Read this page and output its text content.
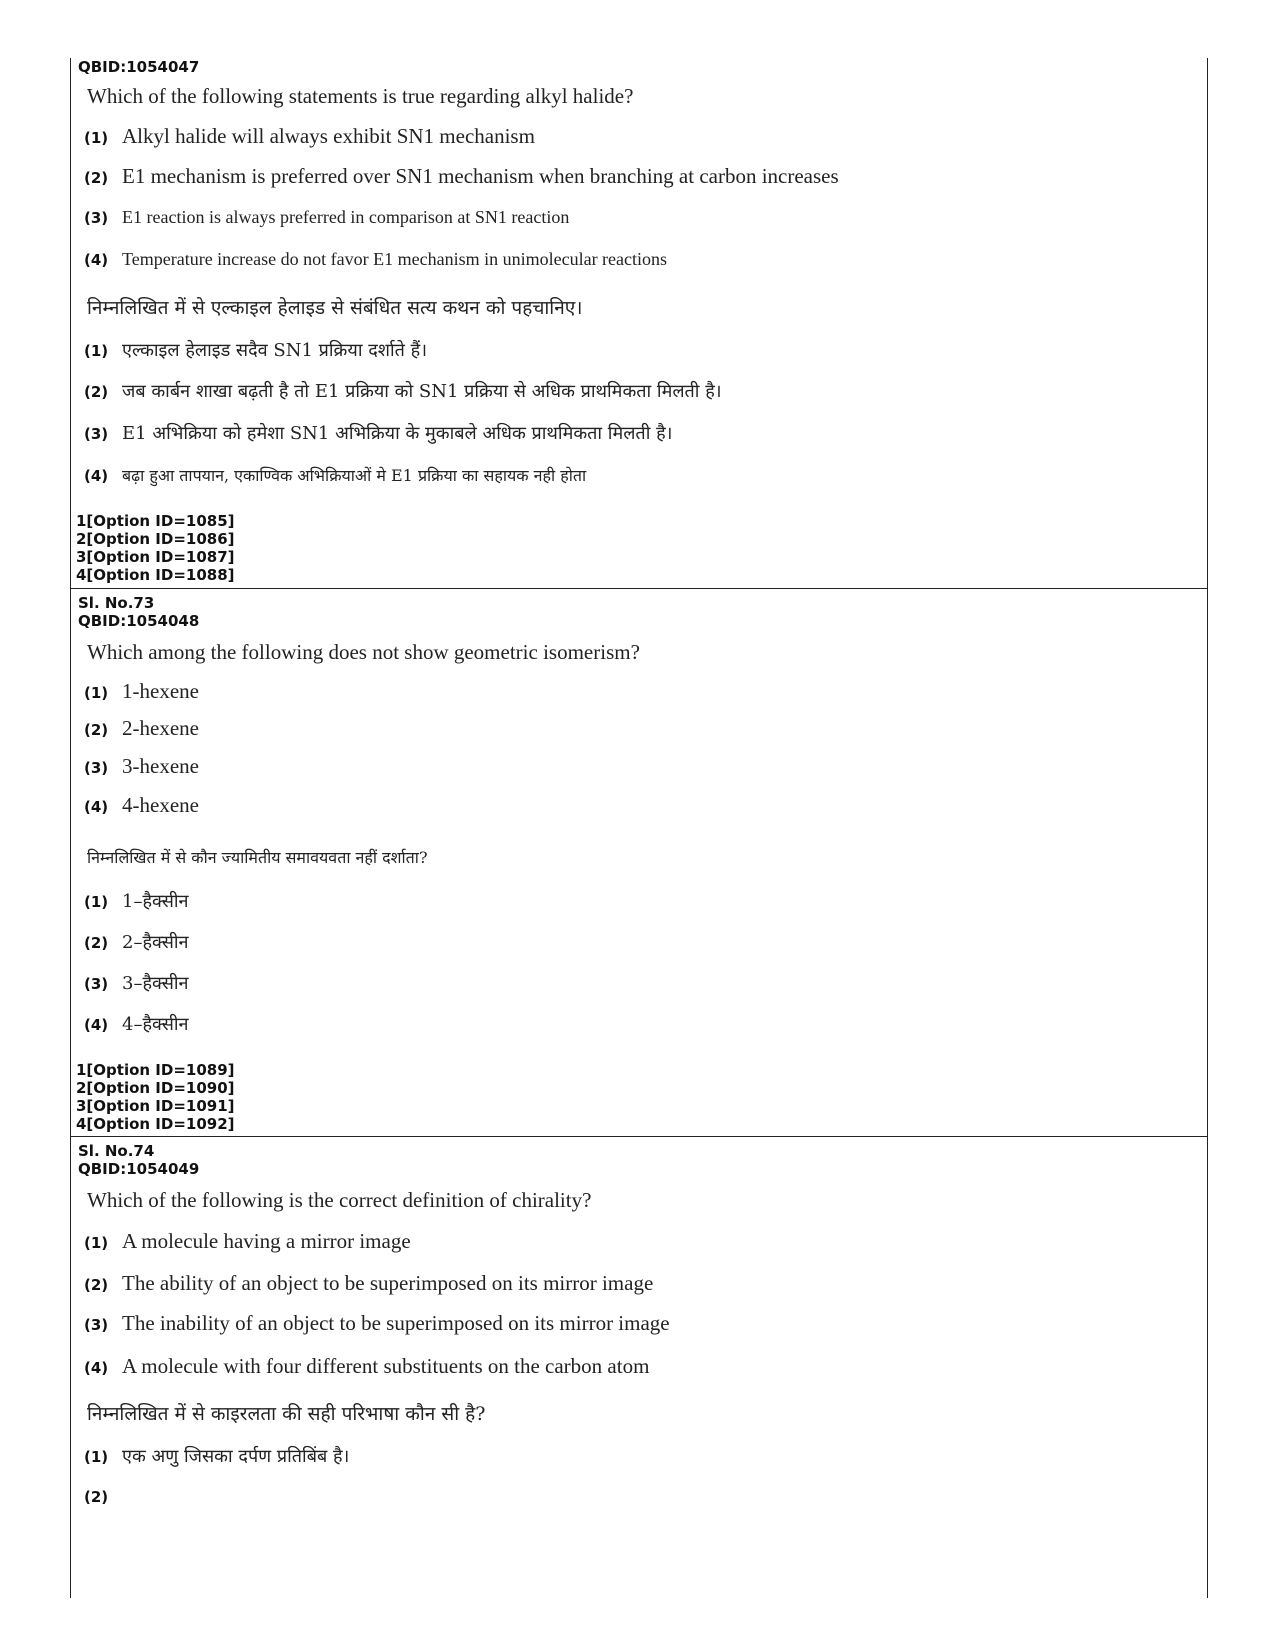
QBID:1054047
Which of the following statements is true regarding alkyl halide?
(1) Alkyl halide will always exhibit SN1 mechanism
(2) E1 mechanism is preferred over SN1 mechanism when branching at carbon increases
(3) E1 reaction is always preferred in comparison at SN1 reaction
(4) Temperature increase do not favor E1 mechanism in unimolecular reactions
निम्नलिखित में से एल्काइल हेलाइड से संबंधित सत्य कथन को पहचानिए।
(1) एल्काइल हेलाइड सदैव SN1 प्रक्रिया दर्शाते हैं।
(2) जब कार्बन शाखा बढ़ती है तो E1 प्रक्रिया को SN1 प्रक्रिया से अधिक प्राथमिकता मिलती है।
(3) E1 अभिक्रिया को हमेशा SN1 अभिक्रिया के मुकाबले अधिक प्राथमिकता मिलती है।
(4) बढ़ा हुआ तापयान, एकाण्विक अभिक्रियाओं मे E1 प्रक्रिया का सहायक नही होता
1[Option ID=1085]
2[Option ID=1086]
3[Option ID=1087]
4[Option ID=1088]
Sl. No.73
QBID:1054048
Which among the following does not show geometric isomerism?
(1) 1-hexene
(2) 2-hexene
(3) 3-hexene
(4) 4-hexene
निम्नलिखित में से कौन ज्यामितीय समावयवता नहीं दर्शाता?
(1) 1–हैक्सीन
(2) 2–हैक्सीन
(3) 3–हैक्सीन
(4) 4–हैक्सीन
1[Option ID=1089]
2[Option ID=1090]
3[Option ID=1091]
4[Option ID=1092]
Sl. No.74
QBID:1054049
Which of the following is the correct definition of chirality?
(1) A molecule having a mirror image
(2) The ability of an object to be superimposed on its mirror image
(3) The inability of an object to be superimposed on its mirror image
(4) A molecule with four different substituents on the carbon atom
निम्नलिखित में से काइरलता की सही परिभाषा कौन सी है?
(1) एक अणु जिसका दर्पण प्रतिबिंब है।
(2)
